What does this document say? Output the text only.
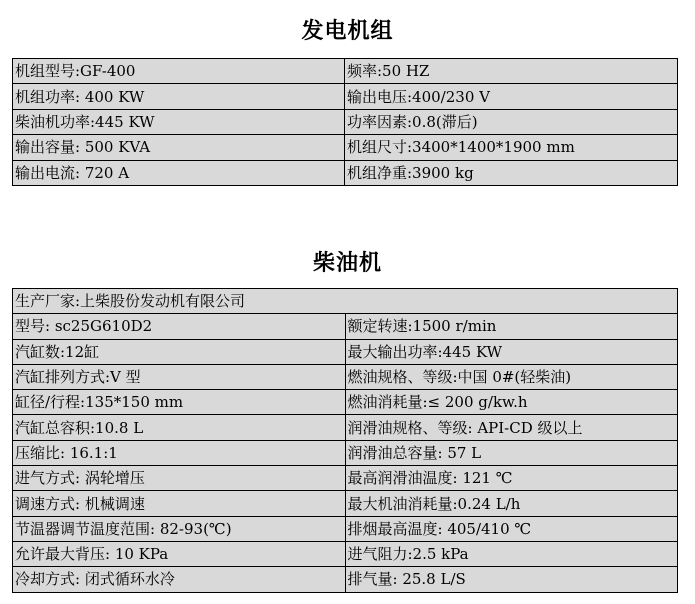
发电机组
机组型号:GF-400	频率:50 HZ
机组功率: 400 KW	输出电压:400/230 V
柴油机功率:445 KW	功率因素:0.8(滞后)
输出容量: 500 KVA	机组尺寸:3400*1400*1900 mm
输出电流: 720 A	机组净重:3900 kg
柴油机
生产厂家:上柴股份发动机有限公司	
型号: sc25G610D2	额定转速:1500 r/min
汽缸数:12缸	最大输出功率:445 KW
汽缸排列方式:V 型	燃油规格、等级:中国 0#(轻柴油)
缸径/行程:135*150 mm	燃油消耗量:≤ 200 g/kw.h
汽缸总容积:10.8 L	润滑油规格、等级: API-CD 级以上
压缩比: 16.1:1	润滑油总容量: 57 L
进气方式: 涡轮增压	最高润滑油温度: 121 ℃
调速方式: 机械调速	最大机油消耗量:0.24 L/h
节温器调节温度范围: 82-93(℃)	排烟最高温度: 405/410 ℃
允许最大背压: 10 KPa	进气阻力:2.5 kPa
冷却方式: 闭式循环水冷	排气量: 25.8 L/S
